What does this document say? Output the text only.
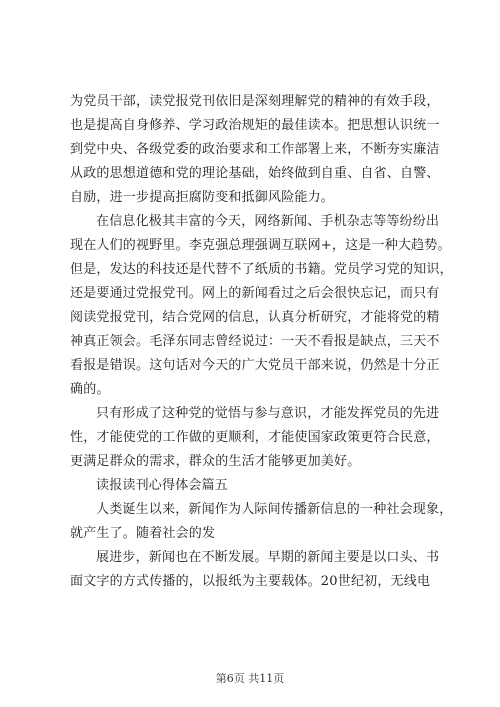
为党员干部，读党报党刊依旧是深刻理解党的精神的有效手段，
也是提高自身修养、学习政治规矩的最佳读本。把思想认识统一
到党中央、各级党委的政治要求和工作部署上来，不断夯实廉洁
从政的思想道德和党的理论基础，始终做到自重、自省、自警、
自励，进一步提高拒腐防变和抵御风险能力。
在信息化极其丰富的今天，网络新闻、手机杂志等等纷纷出
现在人们的视野里。李克强总理强调互联网+，这是一种大趋势。
但是，发达的科技还是代替不了纸质的书籍。党员学习党的知识，
还是要通过党报党刊。网上的新闻看过之后会很快忘记，而只有
阅读党报党刊，结合党网的信息，认真分析研究，才能将党的精
神真正领会。毛泽东同志曾经说过：一天不看报是缺点，三天不
看报是错误。这句话对今天的广大党员干部来说，仍然是十分正
确的。
只有形成了这种党的觉悟与参与意识，才能发挥党员的先进
性，才能使党的工作做的更顺利，才能使国家政策更符合民意，
更满足群众的需求，群众的生活才能够更加美好。
读报读刊心得体会篇五
人类诞生以来，新闻作为人际间传播新信息的一种社会现象，
就产生了。随着社会的发
展进步，新闻也在不断发展。早期的新闻主要是以口头、书
面文字的方式传播的，以报纸为主要载体。20世纪初，无线电
第6页 共11页
